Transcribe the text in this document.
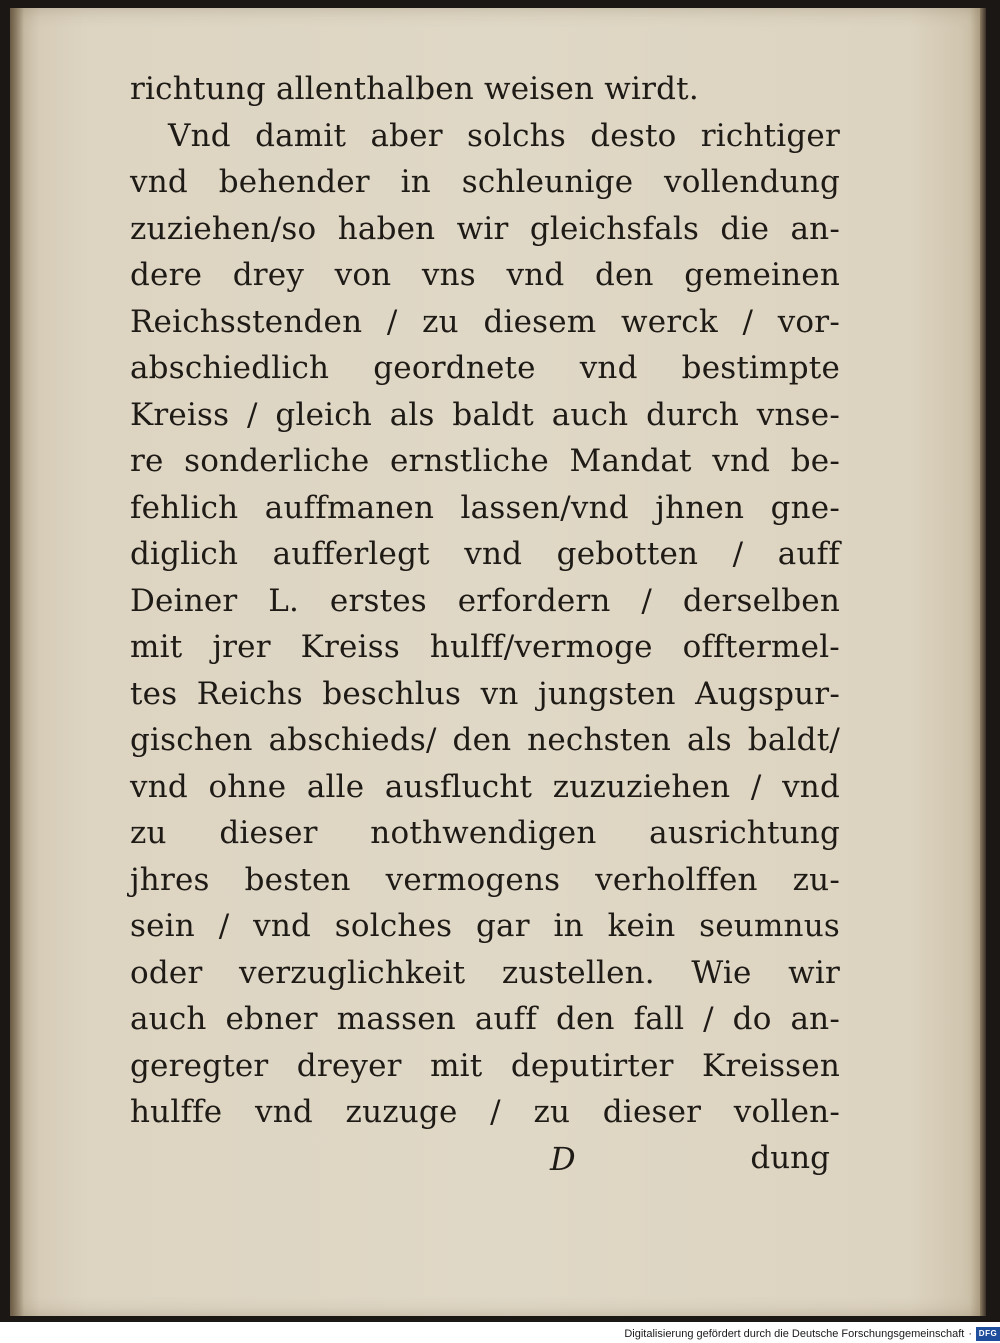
richtung allenthalben weisen wirdt.
Vnd damit aber solchs desto richtiger
vnd behender in schleunige vollendung
zuziehen/so haben wir gleichsfals die an-
dere drey von vns vnd den gemeinen
Reichsstenden / zu diesem werck / vor-
abschiedlich geordnete vnd bestimpte
Kreiss / gleich als baldt auch durch vnse-
re sonderliche ernstliche Mandat vnd be-
fehlich auffmanen lassen/vnd jhnen gne-
diglich aufferlegt vnd gebotten / auff
Deiner L. erstes erfordern / derselben
mit jrer Kreiss hulff/vermoge offtermel-
tes Reichs beschlus vn jungsten Augspur-
gischen abschieds/ den nechsten als baldt/
vnd ohne alle ausflucht zuzuziehen / vnd
zu dieser nothwendigen ausrichtung
jhres besten vermogens verholffen zu-
sein / vnd solches gar in kein seumnus
oder verzuglichkeit zustellen. Wie wir
auch ebner massen auff den fall / do an-
geregter dreyer mit deputirter Kreissen
hulffe vnd zuzuge / zu dieser vollen-
D	dung
Digitalisierung gefördert durch die Deutsche Forschungsgemeinschaft · DFG
